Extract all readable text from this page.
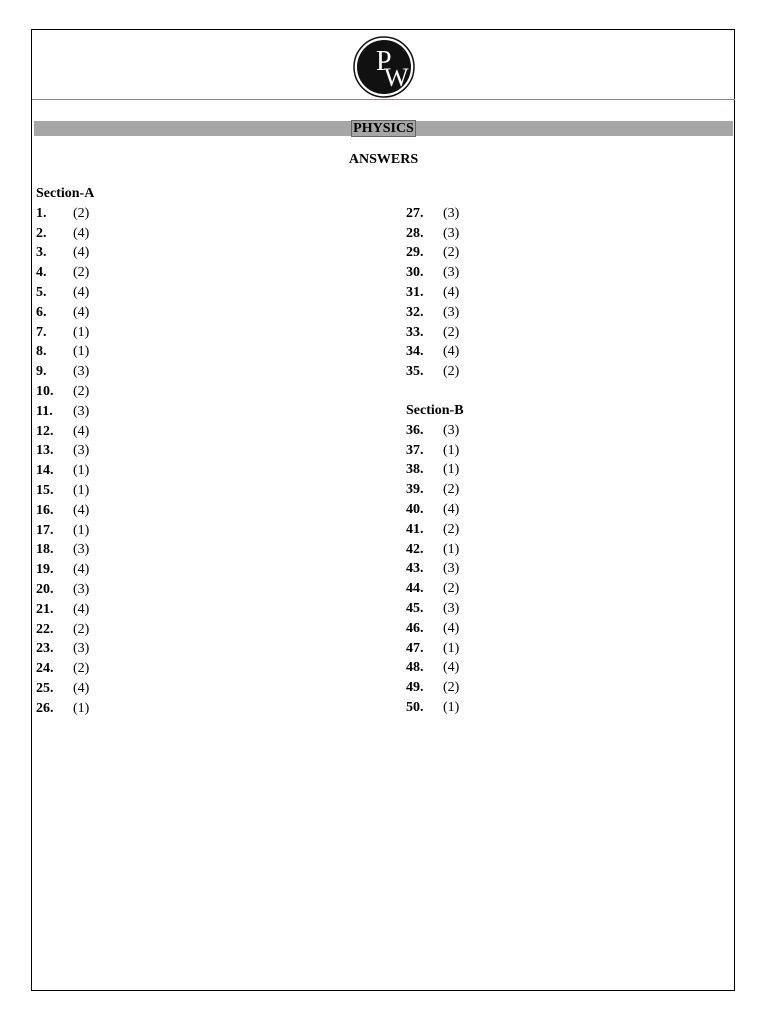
P
W
PHYSICS
ANSWERS
Section-A
1.	(2)
2.	(4)
3.	(4)
4.	(2)
5.	(4)
6.	(4)
7.	(1)
8.	(1)
9.	(3)
10.	(2)
11.	(3)
12.	(4)
13.	(3)
14.	(1)
15.	(1)
16.	(4)
17.	(1)
18.	(3)
19.	(4)
20.	(3)
21.	(4)
22.	(2)
23.	(3)
24.	(2)
25.	(4)
26.	(1)
27.	(3)
28.	(3)
29.	(2)
30.	(3)
31.	(4)
32.	(3)
33.	(2)
34.	(4)
35.	(2)
Section-B
36.	(3)
37.	(1)
38.	(1)
39.	(2)
40.	(4)
41.	(2)
42.	(1)
43.	(3)
44.	(2)
45.	(3)
46.	(4)
47.	(1)
48.	(4)
49.	(2)
50.	(1)
